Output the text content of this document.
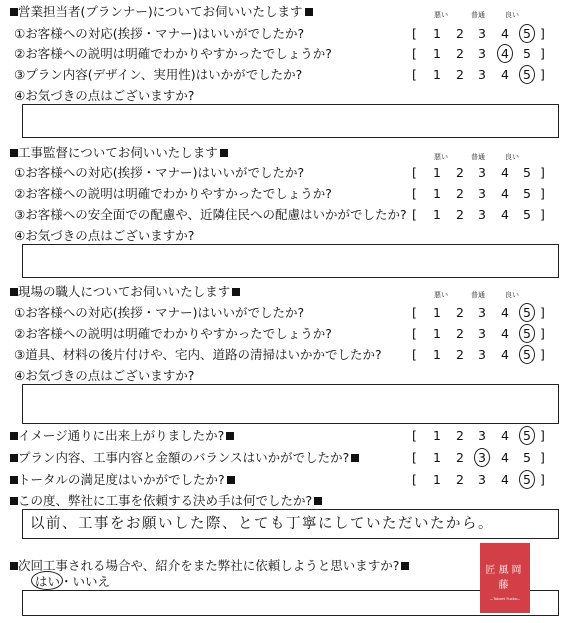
営業担当者(プランナー)についてお伺いいたします	悪い	普通	良い
①お客様への対応(挨拶・マナー)はいいがでしたか?	[ 1 2 3 4 5 ]
②お客様への説明は明確でわかりやすかったでしょうか?	[ 1 2 3 4 5 ]
③プラン内容(デザイン、実用性)はいかがでしたか?	[ 1 2 3 4 5 ]
④お気づきの点はございますか?
工事監督についてお伺いいたします	悪い	普通	良い
①お客様への対応(挨拶・マナー)はいいがでしたか?	[ 1 2 3 4 5 ]
②お客様への説明は明確でわかりやすかったでしょうか?	[ 1 2 3 4 5 ]
③お客様への安全面での配慮や、近隣住民への配慮はいかがでしたか? [ 1 2 3 4 5 ]
④お気づきの点はございますか?
現場の職人についてお伺いいたします	悪い	普通	良い
①お客様への対応(挨拶・マナー)はいいがでしたか?	[ 1 2 3 4 5 ]
②お客様への説明は明確でわかりやすかったでしょうか?	[ 1 2 3 4 5 ]
③道具、材料の後片付けや、宅内、道路の清掃はいかかでしたか? [ 1 2 3 4 5 ]
④お気づきの点はございますか?
イメージ通りに出来上がりましたか?	[ 1 2 3 4 5 ]
プラン内容、工事内容と金額のバランスはいかがでしたか?	[ 1 2 3 4 5 ]
トータルの満足度はいかがでしたか?	[ 1 2 3 4 5 ]
この度、弊社に工事を依頼する決め手は何でしたか?
以前、工事をお願いした際、とても丁寧にしていただいたから。
次回工事される場合や、紹介をまた弊社に依頼しようと思いますか?
はい・いいえ
匠風岡藤
—Takumi Fuoka—
